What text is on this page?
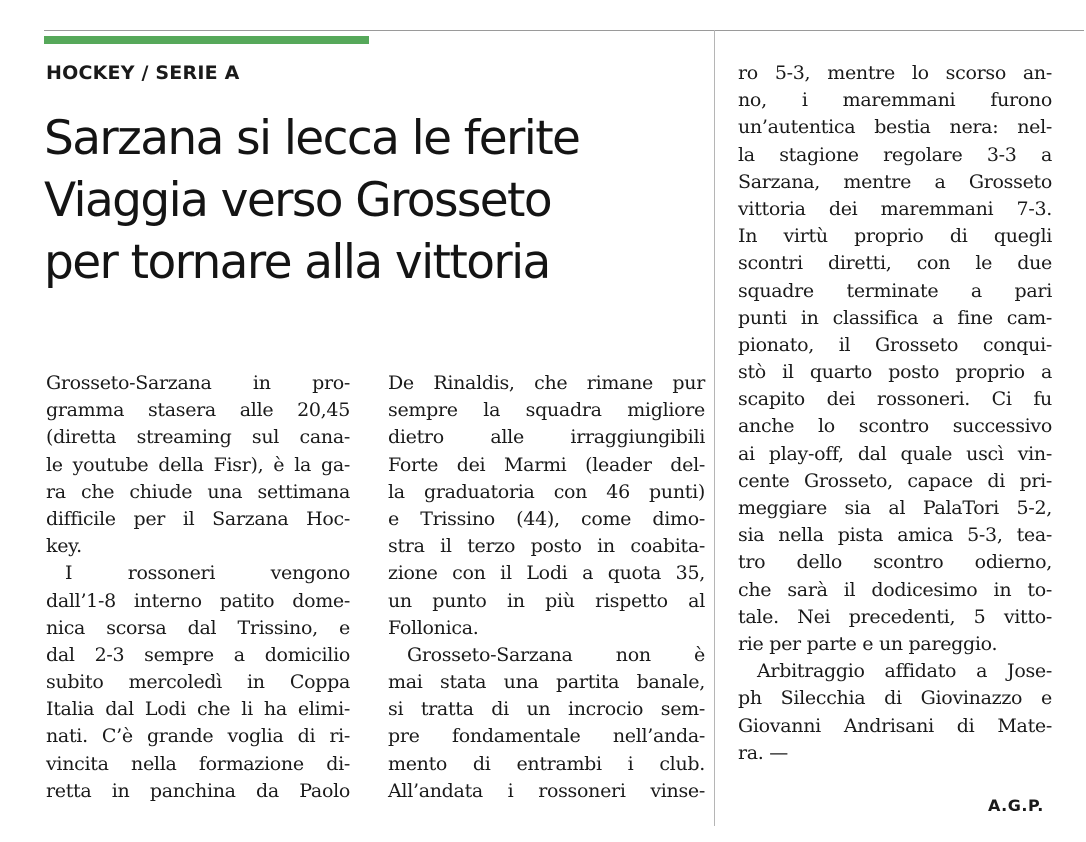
HOCKEY / SERIE A
Sarzana si lecca le ferite
Viaggia verso Grosseto
per tornare alla vittoria
Grosseto-Sarzana in pro-
gramma stasera alle 20,45
(diretta streaming sul cana-
le youtube della Fisr), è la ga-
ra che chiude una settimana
difficile per il Sarzana Hoc-
key.
I rossoneri vengono
dall’1-8 interno patito dome-
nica scorsa dal Trissino, e
dal 2-3 sempre a domicilio
subito mercoledì in Coppa
Italia dal Lodi che li ha elimi-
nati. C’è grande voglia di ri-
vincita nella formazione di-
retta in panchina da Paolo
De Rinaldis, che rimane pur
sempre la squadra migliore
dietro alle irraggiungibili
Forte dei Marmi (leader del-
la graduatoria con 46 punti)
e Trissino (44), come dimo-
stra il terzo posto in coabita-
zione con il Lodi a quota 35,
un punto in più rispetto al
Follonica.
Grosseto-Sarzana non è
mai stata una partita banale,
si tratta di un incrocio sem-
pre fondamentale nell’anda-
mento di entrambi i club.
All’andata i rossoneri vinse-
ro 5-3, mentre lo scorso an-
no, i maremmani furono
un’autentica bestia nera: nel-
la stagione regolare 3-3 a
Sarzana, mentre a Grosseto
vittoria dei maremmani 7-3.
In virtù proprio di quegli
scontri diretti, con le due
squadre terminate a pari
punti in classifica a fine cam-
pionato, il Grosseto conqui-
stò il quarto posto proprio a
scapito dei rossoneri. Ci fu
anche lo scontro successivo
ai play-off, dal quale uscì vin-
cente Grosseto, capace di pri-
meggiare sia al PalaTori 5-2,
sia nella pista amica 5-3, tea-
tro dello scontro odierno,
che sarà il dodicesimo in to-
tale. Nei precedenti, 5 vitto-
rie per parte e un pareggio.
Arbitraggio affidato a Jose-
ph Silecchia di Giovinazzo e
Giovanni Andrisani di Mate-
ra. —
A.G.P.
